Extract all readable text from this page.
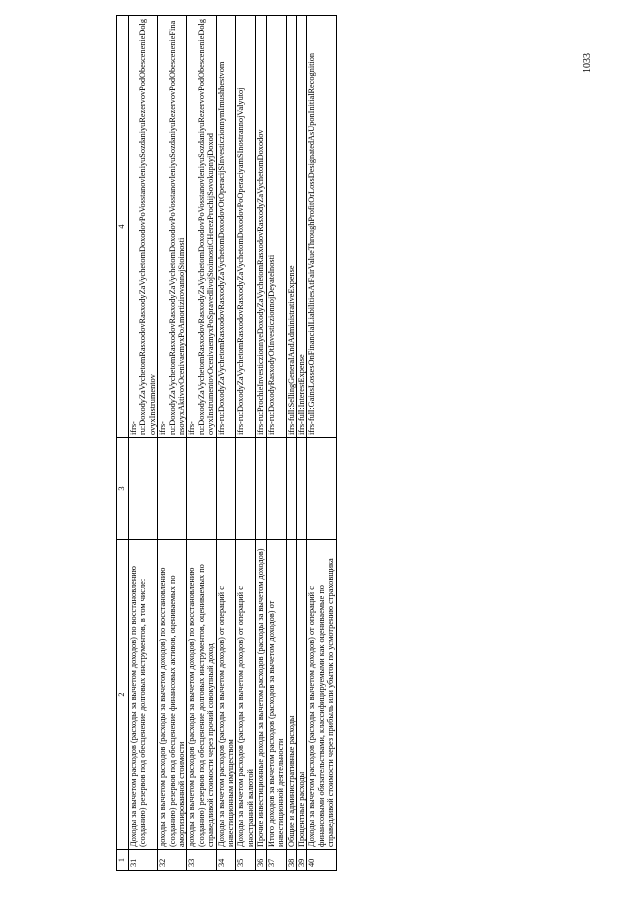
1	2	3	4
31	Доходы за вычетом расходов (расходы за вычетом доходов) по восстановлению (созданию) резервов под обесценение долговых инструментов, в том числе:		ifrs-ru:DoxodyZaVychetomRasxodovRasxodyZaVychetomDoxodovPoVosstanovleniyuSozdaniyuRezervovPodObesceneniеDolgovyxInstrumentov
32	доходы за вычетом расходов (расходы за вычетом доходов) по восстановлению (созданию) резервов под обесценение финансовых активов, оцениваемых по амортизированной стоимости		ifrs-ru:DoxodyZaVychetomRasxodovRasxodyZaVychetomDoxodovPoVosstanovleniyuSozdaniyuRezervovPodObesceneniеFinansovyxAktivovOcenivaemyxPoAmortizirovannojStoimosti
33	доходы за вычетом расходов (расходы за вычетом доходов) по восстановлению (созданию) резервов под обесценение долговых инструментов, оцениваемых по справедливой стоимости через прочий совокупный доход		ifrs-ru:DoxodyZaVychetomRasxodovRasxodyZaVychetomDoxodovPoVosstanovleniyuSozdaniyuRezervovPodObesceneniеDolgovyxInstrumentovOcenivaemyxPoSpravedlivojStoimostiCHerezProchijSovokupnyjDoxod
34	Доходы за вычетом расходов (расходы за вычетом доходов) от операций с инвестиционным имуществом		ifrs-ru:DoxodyZaVychetomRasxodovRasxodyZaVychetomDoxodovOtOperacijSInvesticzionnymImushhestvom
35	Доходы за вычетом расходов (расходы за вычетом доходов) от операций с иностранной валютой		ifrs-ru:DoxodyZaVychetomRasxodovRasxodyZaVychetomDoxodovPoOperaciyamSInostrannojValyutoj
36	Прочие инвестиционные доходы за вычетом расходов (расходы за вычетом доходов)		ifrs-ru:ProchieInvesticzionnyeDoxodyZaVychetomRasxodovRasxodyZaVychetomDoxodov
37	Итого доходов за вычетом расходов (расходов за вычетом доходов) от инвестиционной деятельности		ifrs-ru:DoxodyRasxodyOtInvesticzionnojDeyatelnosti
38	Общие и административные расходы		ifrs-full:SellingGeneralAndAdministrativeExpense
39	Процентные расходы		ifrs-full:InterestExpense
40	Доходы за вычетом расходов (расходы за вычетом доходов) от операций с финансовыми обязательствами, классифицируемыми как оцениваемые по справедливой стоимости через прибыль или убыток по усмотрению страховщика		ifrs-full:GainsLossesOnFinancialLiabilitiesAtFairValueThroughProfitOrLossDesignatedAsUponInitialRecognition	1033
